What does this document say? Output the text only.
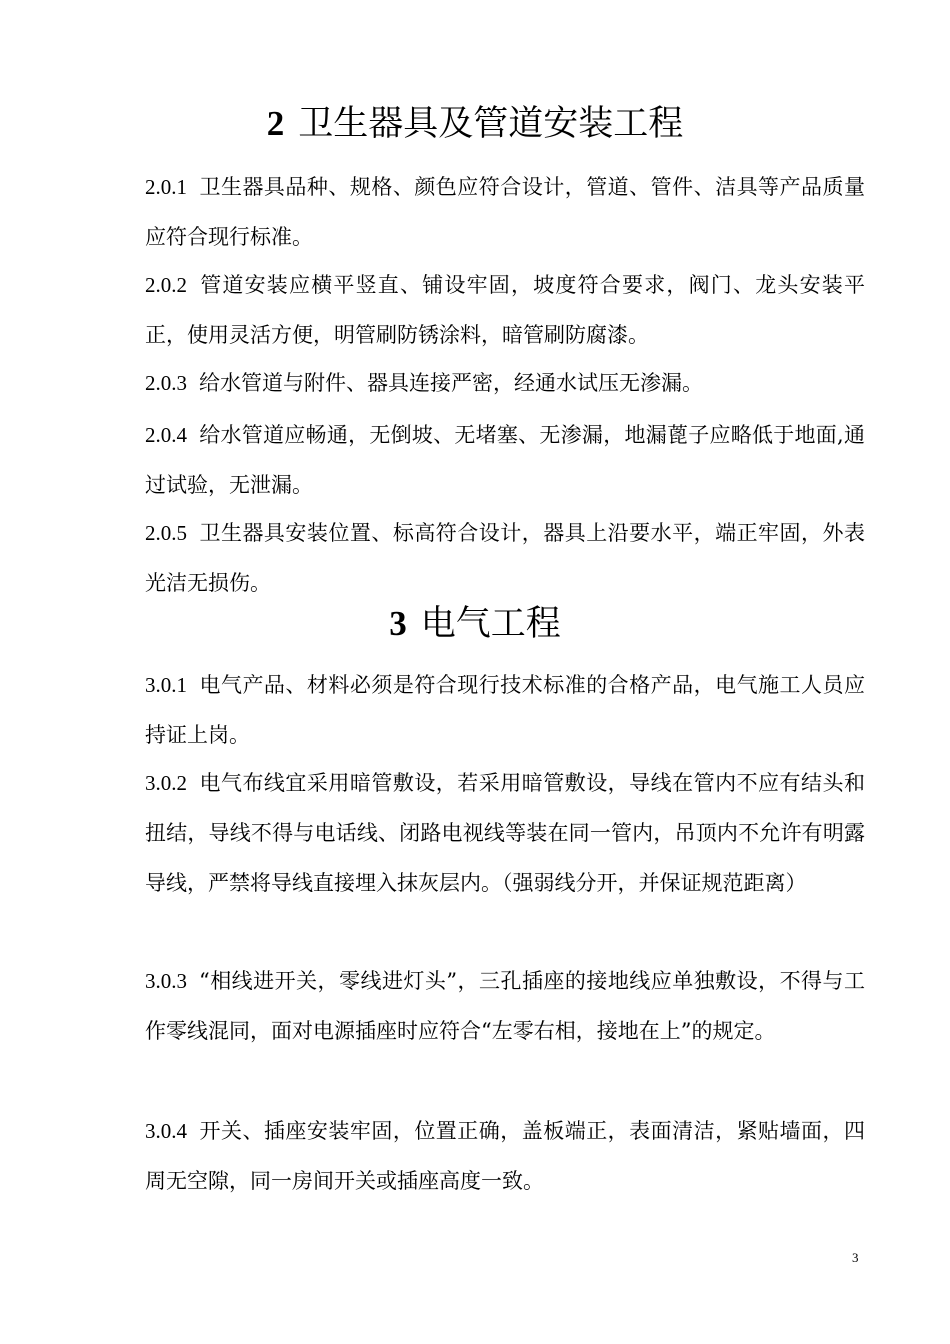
2 卫生器具及管道安装工程
2.0.1 卫生器具品种、规格、颜色应符合设计，管道、管件、洁具等产品质量应符合现行标准。
2.0.2 管道安装应横平竖直、铺设牢固，坡度符合要求，阀门、龙头安装平正，使用灵活方便，明管刷防锈涂料，暗管刷防腐漆。
2.0.3 给水管道与附件、器具连接严密，经通水试压无渗漏。
2.0.4 给水管道应畅通，无倒坡、无堵塞、无渗漏，地漏蓖子应略低于地面,通过试验，无泄漏。
2.0.5 卫生器具安装位置、标高符合设计，器具上沿要水平，端正牢固，外表光洁无损伤。
3 电气工程
3.0.1 电气产品、材料必须是符合现行技术标准的合格产品，电气施工人员应持证上岗。
3.0.2 电气布线宜采用暗管敷设，若采用暗管敷设，导线在管内不应有结头和扭结，导线不得与电话线、闭路电视线等装在同一管内，吊顶内不允许有明露导线，严禁将导线直接埋入抹灰层内。（强弱线分开，并保证规范距离）
3.0.3 “相线进开关，零线进灯头”，三孔插座的接地线应单独敷设，不得与工作零线混同，面对电源插座时应符合“左零右相，接地在上”的规定。
3.0.4 开关、插座安装牢固，位置正确，盖板端正，表面清洁，紧贴墙面，四周无空隙，同一房间开关或插座高度一致。
3
